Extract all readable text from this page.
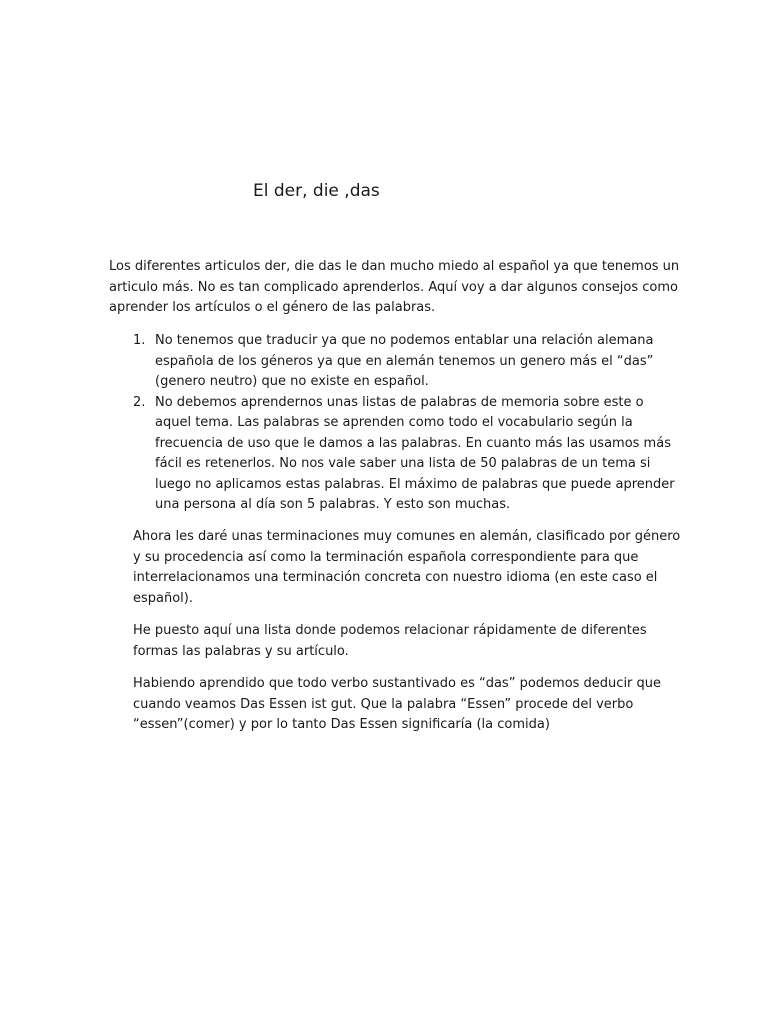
El der, die ,das

Los diferentes articulos der, die das le dan mucho miedo al español ya que tenemos un
articulo más. No es tan complicado aprenderlos. Aquí voy a dar algunos consejos como
aprender los artículos o el género de las palabras.

1. No tenemos que traducir ya que no podemos entablar una relación alemana
española de los géneros ya que en alemán tenemos un genero más el “das”
(genero neutro) que no existe en español.
2. No debemos aprendernos unas listas de palabras de memoria sobre este o
aquel tema. Las palabras se aprenden como todo el vocabulario según la
frecuencia de uso que le damos a las palabras. En cuanto más las usamos más
fácil es retenerlos. No nos vale saber una lista de 50 palabras de un tema si
luego no aplicamos estas palabras. El máximo de palabras que puede aprender
una persona al día son 5 palabras. Y esto son muchas.

Ahora les daré unas terminaciones muy comunes en alemán, clasificado por género
y su procedencia así como la terminación española correspondiente para que
interrelacionamos una terminación concreta con nuestro idioma (en este caso el
español).

He puesto aquí una lista donde podemos relacionar rápidamente de diferentes
formas las palabras y su artículo.

Habiendo aprendido que todo verbo sustantivado es “das” podemos deducir que
cuando veamos Das Essen ist gut. Que la palabra “Essen” procede del verbo
“essen”(comer) y por lo tanto Das Essen significaría (la comida)
